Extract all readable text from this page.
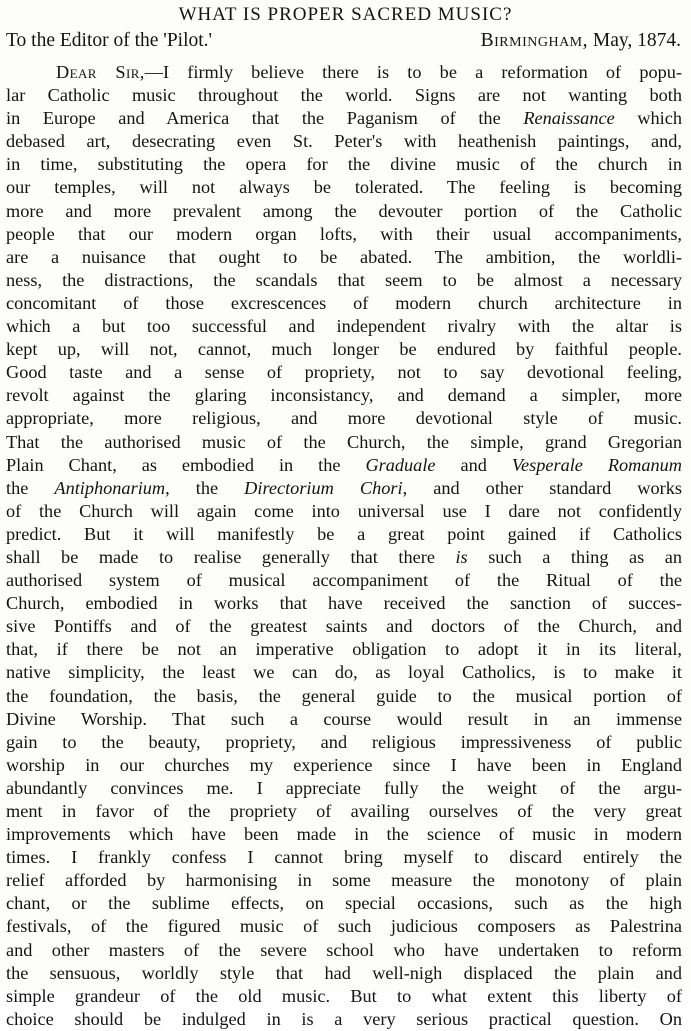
WHAT IS PROPER SACRED MUSIC?
To the Editor of the 'Pilot.'	Birmingham, May, 1874.
Dear Sir,—I firmly believe there is to be a reformation of popu-
lar Catholic music throughout the world. Signs are not wanting both
in Europe and America that the Paganism of the Renaissance which
debased art, desecrating even St. Peter's with heathenish paintings, and,
in time, substituting the opera for the divine music of the church in
our temples, will not always be tolerated. The feeling is becoming
more and more prevalent among the devouter portion of the Catholic
people that our modern organ lofts, with their usual accompaniments,
are a nuisance that ought to be abated. The ambition, the worldli-
ness, the distractions, the scandals that seem to be almost a necessary
concomitant of those excrescences of modern church architecture in
which a but too successful and independent rivalry with the altar is
kept up, will not, cannot, much longer be endured by faithful people.
Good taste and a sense of propriety, not to say devotional feeling,
revolt against the glaring inconsistancy, and demand a simpler, more
appropriate, more religious, and more devotional style of music.
That the authorised music of the Church, the simple, grand Gregorian
Plain Chant, as embodied in the Graduale and Vesperale Romanum
the Antiphonarium, the Directorium Chori, and other standard works
of the Church will again come into universal use I dare not confidently
predict. But it will manifestly be a great point gained if Catholics
shall be made to realise generally that there is such a thing as an
authorised system of musical accompaniment of the Ritual of the
Church, embodied in works that have received the sanction of succes-
sive Pontiffs and of the greatest saints and doctors of the Church, and
that, if there be not an imperative obligation to adopt it in its literal,
native simplicity, the least we can do, as loyal Catholics, is to make it
the foundation, the basis, the general guide to the musical portion of
Divine Worship. That such a course would result in an immense
gain to the beauty, propriety, and religious impressiveness of public
worship in our churches my experience since I have been in England
abundantly convinces me. I appreciate fully the weight of the argu-
ment in favor of the propriety of availing ourselves of the very great
improvements which have been made in the science of music in modern
times. I frankly confess I cannot bring myself to discard entirely the
relief afforded by harmonising in some measure the monotony of plain
chant, or the sublime effects, on special occasions, such as the high
festivals, of the figured music of such judicious composers as Palestrina
and other masters of the severe school who have undertaken to reform
the sensuous, worldly style that had well-nigh displaced the plain and
simple grandeur of the old music. But to what extent this liberty of
choice should be indulged in is a very serious practical question. On
